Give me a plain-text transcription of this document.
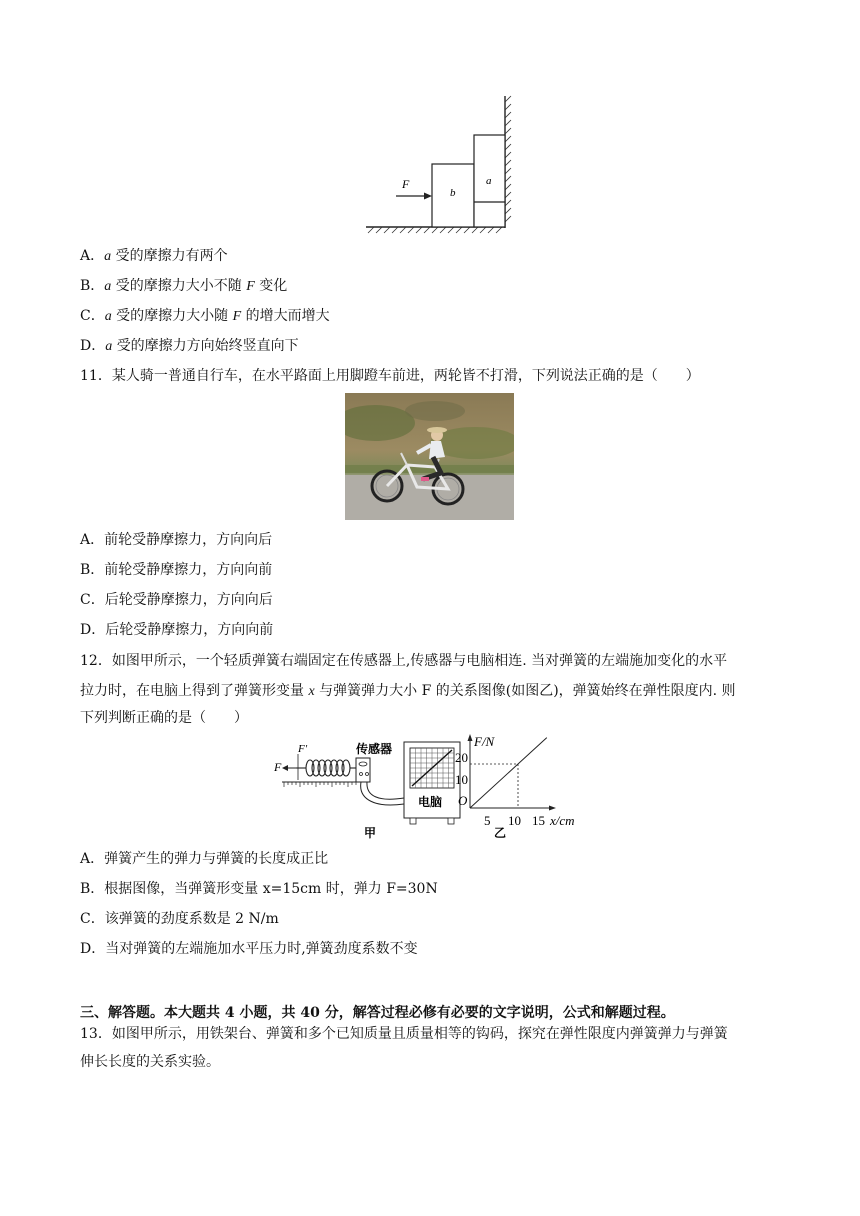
F
b
a
A．a 受的摩擦力有两个
B．a 受的摩擦力大小不随 F 变化
C．a 受的摩擦力大小随 F 的增大而增大
D．a 受的摩擦力方向始终竖直向下
11．某人骑一普通自行车，在水平路面上用脚蹬车前进，两轮皆不打滑，下列说法正确的是（　　）
A．前轮受静摩擦力，方向向后
B．前轮受静摩擦力，方向向前
C．后轮受静摩擦力，方向向后
D．后轮受静摩擦力，方向向前
12．如图甲所示，一个轻质弹簧右端固定在传感器上,传感器与电脑相连. 当对弹簧的左端施加变化的水平
拉力时，在电脑上得到了弹簧形变量 x 与弹簧弹力大小 F 的关系图像(如图乙)，弹簧始终在弹性限度内. 则
下列判断正确的是（　　）
F
F′	传感器
电脑
甲
F/N
20
10
O
5 10 15 x/cm
乙
A．弹簧产生的弹力与弹簧的长度成正比
B．根据图像，当弹簧形变量 x=15cm 时，弹力 F=30N
C．该弹簧的劲度系数是 2 N/m
D．当对弹簧的左端施加水平压力时,弹簧劲度系数不变
三、解答题。本大题共 4 小题，共 40 分，解答过程必修有必要的文字说明，公式和解题过程。
13．如图甲所示，用铁架台、弹簧和多个已知质量且质量相等的钩码，探究在弹性限度内弹簧弹力与弹簧
伸长长度的关系实验。
